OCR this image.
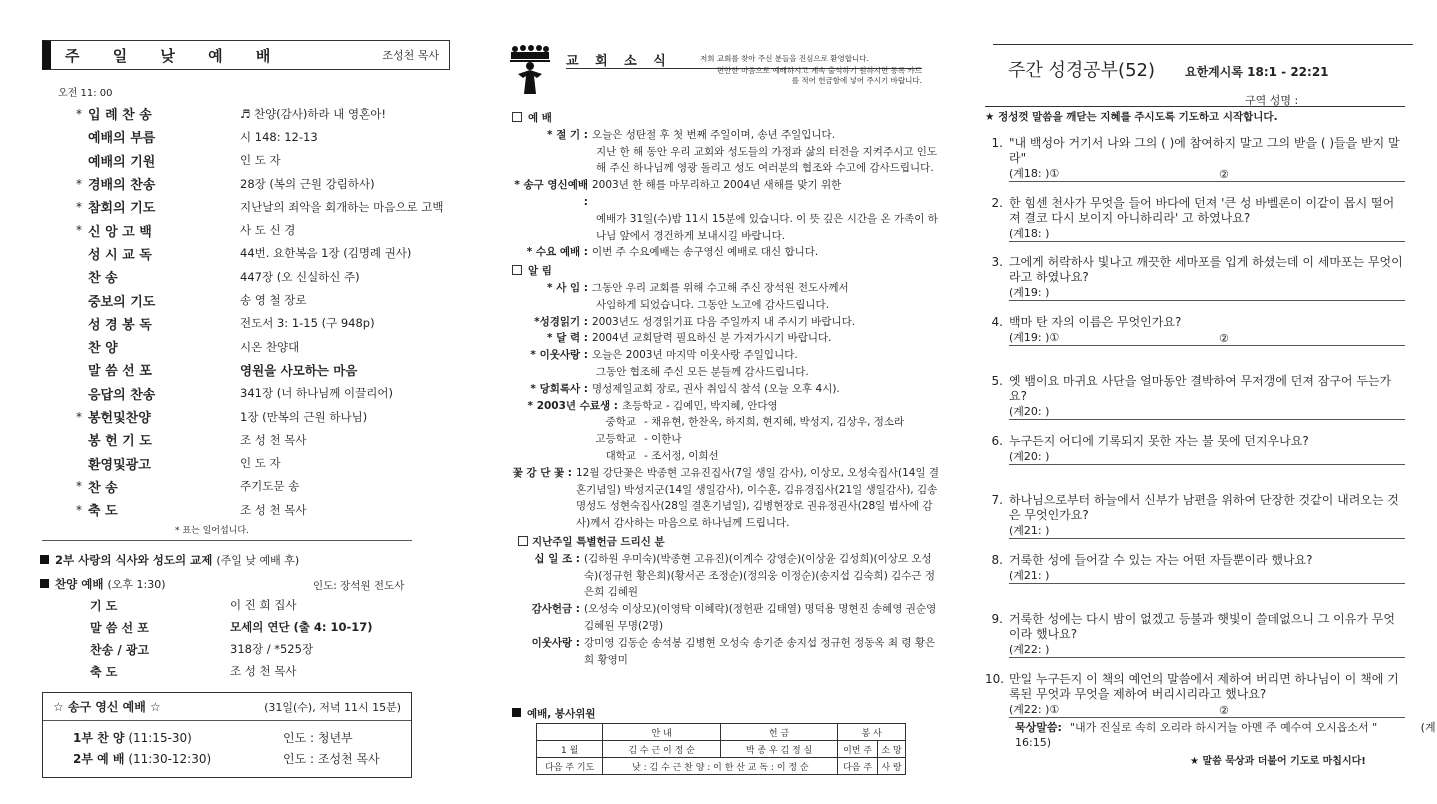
주 일 낮 예 배	조성천 목사
오전 11: 00
* 입 례 찬 송	♬ 찬양(감사)하라 내 영혼아!
예배의 부름	시 148: 12-13
예배의 기원	인 도 자
* 경배의 찬송	28장 (복의 근원 강림하사)
* 참회의 기도	지난날의 죄악을 회개하는 마음으로 고백
* 신 앙 고 백	사 도 신 경
성 시 교 독	44번. 요한복음 1장 (김명례 권사)
찬 송	447장 (오 신실하신 주)
중보의 기도	송 영 철 장로
성 경 봉 독	전도서 3: 1-15 (구 948p)
찬 양	시온 찬양대
말 씀 선 포	영원을 사모하는 마음
응답의 찬송	341장 (너 하나님께 이끌리어)
* 봉헌및찬양	1장 (만복의 근원 하나님)
봉 헌 기 도	조 성 천 목사
환영및광고	인 도 자
* 찬 송	주기도문 송
* 축 도	조 성 천 목사
* 표는 일어섭니다.
2부 사랑의 식사와 성도의 교제 (주일 낮 예배 후)
찬양 예배 (오후 1:30)	인도: 장석원 전도사
기 도	이 진 희 집사
말 씀 선 포	모세의 연단 (출 4: 10-17)
찬송 / 광고	318장 / *525장
축 도	조 성 천 목사
☆ 송구 영신 예배 ☆	(31일(수), 저녁 11시 15분)
1부 찬 양 (11:15-30)	인도 : 청년부
2부 예 배 (11:30-12:30)	인도 : 조성천 목사
교 회 소 식	저희 교회를 찾아 주신 분들을 진심으로 환영합니다.
편안한 마음으로 예배하시고 계속 출석하기 원하시면 등록 카드를 적어 헌금함에 넣어 주시기 바랍니다.
예 배
* 절 기 : 오늘은 성탄절 후 첫 번째 주일이며, 송년 주일입니다.
지난 한 해 동안 우리 교회와 성도들의 가정과 삶의 터전을 지켜주시고 인도해 주신 하나님께 영광 돌리고 성도 여러분의 협조와 수고에 감사드립니다.
* 송구 영신예배 :
2003년 한 해를 마무리하고 2004년 새해를 맞기 위한
예배가 31일(수)밤 11시 15분에 있습니다. 이 뜻 깊은 시간을 온 가족이 하나님 앞에서 경건하게 보내시길 바랍니다.
* 수요 예배 : 이번 주 수요예배는 송구영신 예배로 대신 합니다.
알 림
* 사 임 : 그동안 우리 교회를 위해 수고해 주신 장석원 전도사께서
사임하게 되었습니다. 그동안 노고에 감사드립니다.
*성경읽기 : 2003년도 성경읽기표 다음 주일까지 내 주시기 바랍니다.
* 달 력 : 2004년 교회달력 필요하신 분 가져가시기 바랍니다.
* 이웃사랑 : 오늘은 2003년 마지막 이웃사랑 주일입니다.
그동안 협조해 주신 모든 분들께 감사드립니다.
* 당회록사 : 명성제일교회 장로, 권사 취임식 참석 (오늘 오후 4시).
* 2003년 수료생 : 초등학교 - 김예민, 박지혜, 안다영
중학교 - 채유현, 한찬옥, 하지희, 현지혜, 박성지, 김상우, 정소라
고등학교 - 이한나
대학교 - 조서정, 이희선
꽃 강 단 꽃 : 12월 강단꽃은 박종현 고유진집사(7일 생일 감사), 이상모, 오성숙집사(14일 결혼기념일) 박성지군(14일 생일감사), 이수훈, 김유경집사(21일 생일감사), 김송명성도 성현숙집사(28일 결혼기념일), 김병현장로 권유정권사(28일 범사에 감사)께서 감사하는 마음으로 하나님께 드립니다.
지난주일 특별헌금 드리신 분
십 일 조 : (김하원 우미숙)(박종현 고유진)(이계수 강영순)(이상윤 김성희)(이상모 오성숙)(정규헌 황은희)(황서곤 조정순)(정의웅 이정순)(송지섭 김숙희) 김수근 정은희 김혜원
감사헌금 : (오성숙 이상모)(이영탁 이혜락)(정헌판 김태열) 명덕용 명현진 송혜영 권순영 김혜원 무명(2명)
이웃사랑 : 강미영 김동순 송석봉 김병현 오성숙 송기준 송지섭 정규헌 정동옥 최 령 황은희 황영미
예배, 봉사위원
	안 내	헌 금	봉 사	
1 월	김 수 근 이 정 순	박 종 우 김 정 실	이번 주	소 망
다음 주 기도	낮 : 김 수 근 찬 양 : 이 한 산 교 독 : 이 정 순		다음 주	사 랑
주간 성경공부(52)	요한계시록 18:1 - 22:21
구역 성명 :
★ 정성껏 말씀을 깨닫는 지혜를 주시도록 기도하고 시작합니다.
1. "내 백성아 거기서 나와 그의 ( )에 참여하지 말고 그의 받을 ( )들을 받지 말라"
(계18: )①	②
2. 한 힘센 천사가 무엇을 들어 바다에 던져 '큰 성 바벨론이 이같이 몹시 떨어져 결코 다시 보이지 아니하리라' 고 하였나요?
(계18: )
3. 그에게 허락하사 빛나고 깨끗한 세마포를 입게 하셨는데 이 세마포는 무엇이라고 하였나요?
(계19: )
4. 백마 탄 자의 이름은 무엇인가요?
(계19: )①	②
5. 옛 뱀이요 마귀요 사단을 얼마동안 결박하여 무저갱에 던져 잠구어 두는가요?
(계20: )
6. 누구든지 어디에 기록되지 못한 자는 불 못에 던지우나요?
(계20: )
7. 하나님으로부터 하늘에서 신부가 남편을 위하여 단장한 것같이 내려오는 것은 무엇인가요?
(계21: )
8. 거룩한 성에 들어갈 수 있는 자는 어떤 자들뿐이라 했나요?
(계21: )
9. 거룩한 성에는 다시 밤이 없겠고 등불과 햇빛이 쓸데없으니 그 이유가 무엇이라 했나요?
(계22: )
10. 만일 누구든지 이 책의 예언의 말씀에서 제하여 버리면 하나님이 이 책에 기록된 무엇과 무엇을 제하여 버리시리라고 했나요?
(계22: )①	②
묵상말씀: "내가 진실로 속히 오리라 하시거늘 아멘 주 예수여 오시옵소서 "	(계 16:15)
★ 말씀 묵상과 더불어 기도로 마칩시다!
